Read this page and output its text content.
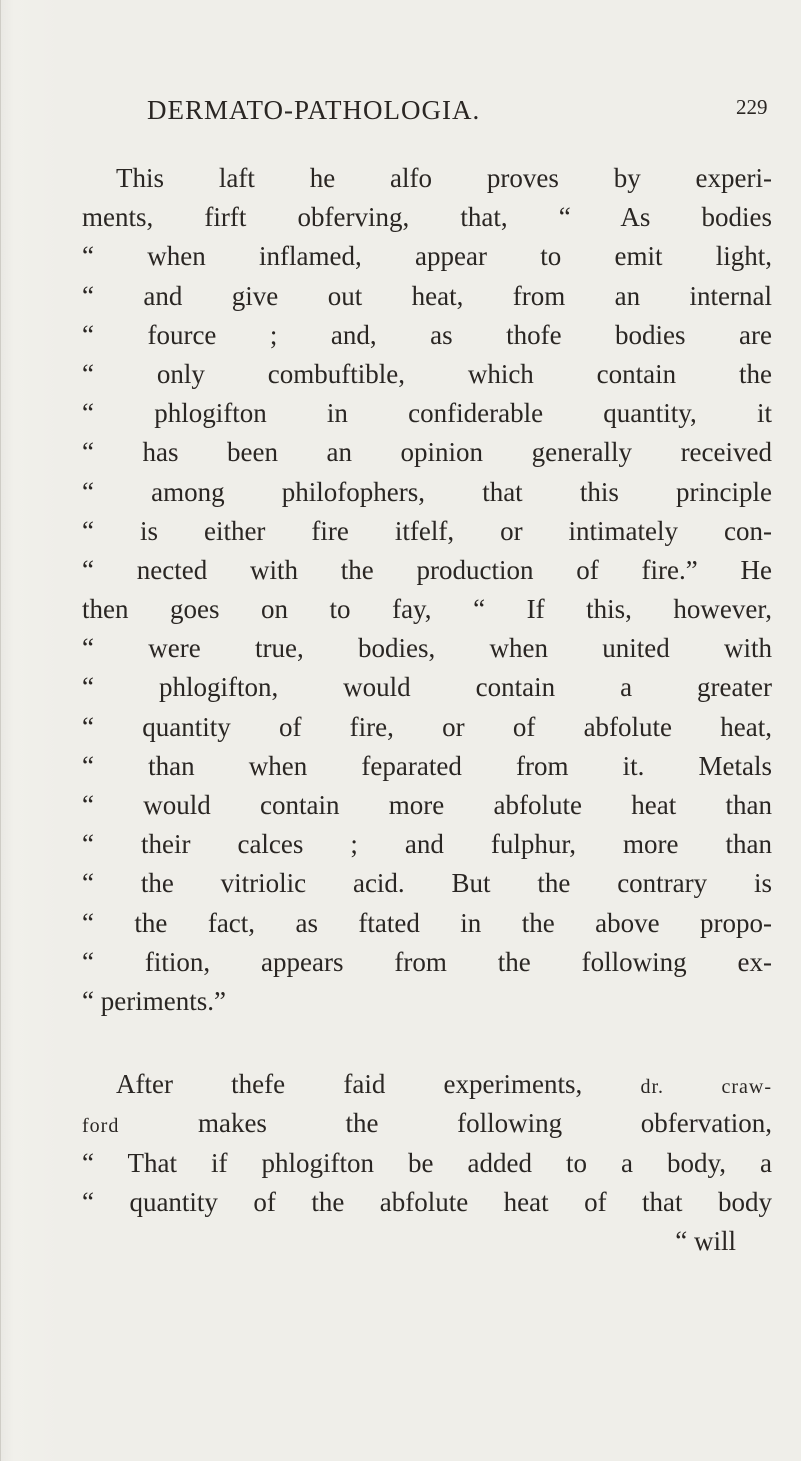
DERMATO-PATHOLOGIA.	229
This laft he alfo proves by experi-
ments, firft obferving, that, “ As bodies
“ when inflamed, appear to emit light,
“ and give out heat, from an internal
“ fource ; and, as thofe bodies are
“ only combuftible, which contain the
“ phlogifton in confiderable quantity, it
“ has been an opinion generally received
“ among philofophers, that this principle
“ is either fire itfelf, or intimately con-
“ nected with the production of fire.” He
then goes on to fay, “ If this, however,
“ were true, bodies, when united with
“ phlogifton, would contain a greater
“ quantity of fire, or of abfolute heat,
“ than when feparated from it. Metals
“ would contain more abfolute heat than
“ their calces ; and fulphur, more than
“ the vitriolic acid. But the contrary is
“ the fact, as ftated in the above propo-
“ fition, appears from the following ex-
“ periments.”
After thefe faid experiments,	dr. craw-
ford	makes the following obfervation,
“ That if phlogifton be added to a body, a
“ quantity of the abfolute heat of that body
“ will
